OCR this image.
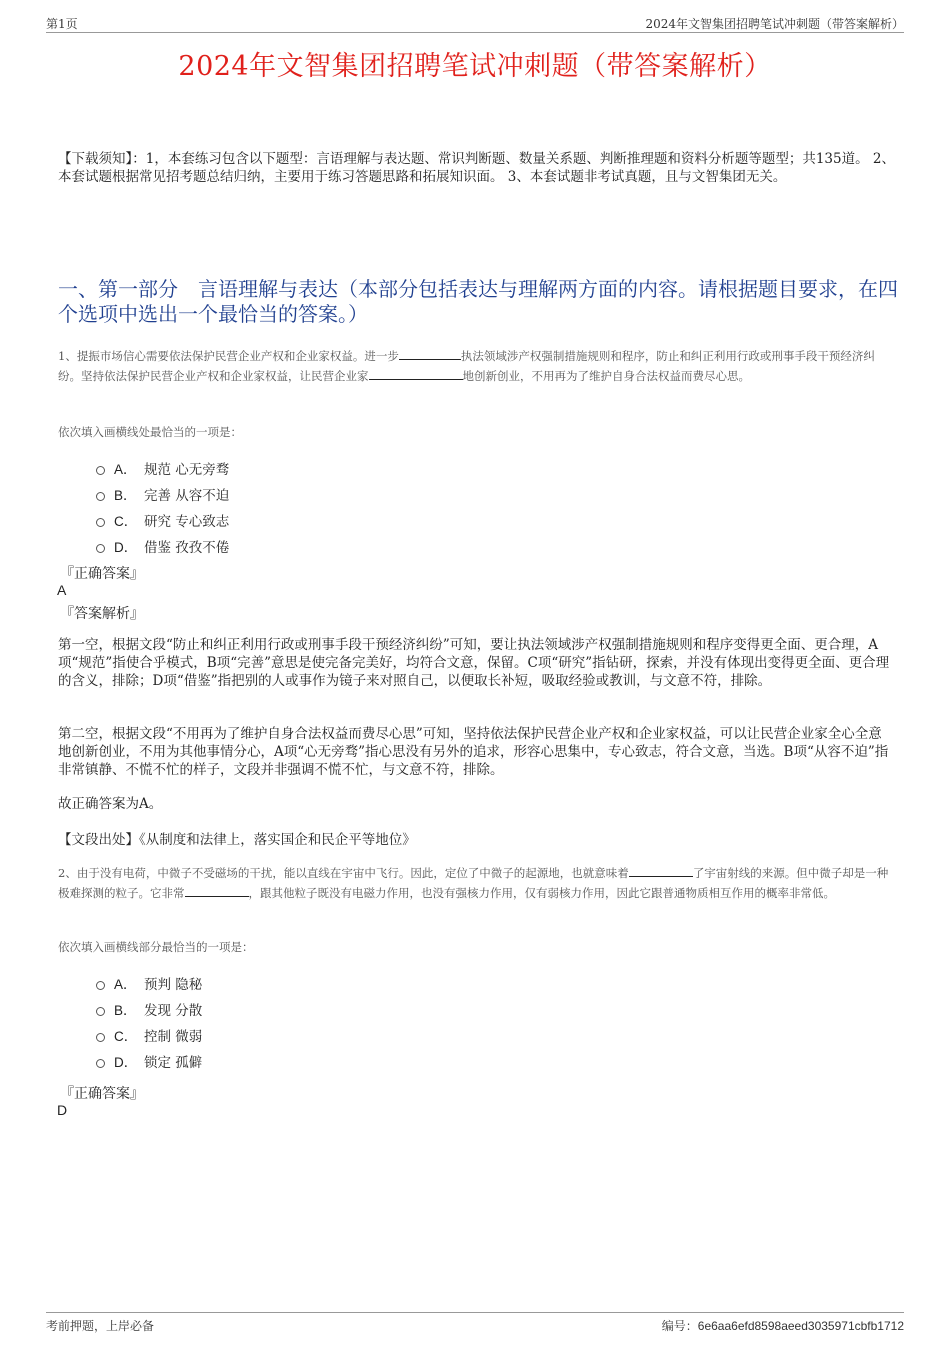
第1页	2024年文智集团招聘笔试冲刺题（带答案解析）
2024年文智集团招聘笔试冲刺题（带答案解析）
【下载须知】：1，本套练习包含以下题型：言语理解与表达题、常识判断题、数量关系题、判断推理题和资料分析题等题型；共135道。 2、本套试题根据常见招考题总结归纳，主要用于练习答题思路和拓展知识面。 3、本套试题非考试真题，且与文智集团无关。
一、第一部分　言语理解与表达（本部分包括表达与理解两方面的内容。请根据题目要求，在四个选项中选出一个最恰当的答案。）
1、提振市场信心需要依法保护民营企业产权和企业家权益。进一步	执法领域涉产权强制措施规则和程序，防止和纠正利用行政或刑事手段干预经济纠纷。坚持依法保护民营企业产权和企业家权益，让民营企业家	地创新创业，不用再为了维护自身合法权益而费尽心思。
依次填入画横线处最恰当的一项是：
A． 规范 心无旁骛
B． 完善 从容不迫
C． 研究 专心致志
D． 借鉴 孜孜不倦
『正确答案』
A
『答案解析』
第一空，根据文段“防止和纠正利用行政或刑事手段干预经济纠纷”可知，要让执法领域涉产权强制措施规则和程序变得更全面、更合理，A项“规范”指使合乎模式，B项“完善”意思是使完备完美好，均符合文意，保留。C项“研究”指钻研，探索，并没有体现出变得更全面、更合理的含义，排除；D项“借鉴”指把别的人或事作为镜子来对照自己，以便取长补短，吸取经验或教训，与文意不符，排除。
第二空，根据文段“不用再为了维护自身合法权益而费尽心思”可知，坚持依法保护民营企业产权和企业家权益，可以让民营企业家全心全意地创新创业，不用为其他事情分心，A项“心无旁骛”指心思没有另外的追求，形容心思集中，专心致志，符合文意，当选。B项“从容不迫”指非常镇静、不慌不忙的样子，文段并非强调不慌不忙，与文意不符，排除。
故正确答案为A。
【文段出处】《从制度和法律上，落实国企和民企平等地位》
2、由于没有电荷，中微子不受磁场的干扰，能以直线在宇宙中飞行。因此，定位了中微子的起源地，也就意味着	了宇宙射线的来源。但中微子却是一种极难探测的粒子。它非常	，跟其他粒子既没有电磁力作用，也没有强核力作用，仅有弱核力作用，因此它跟普通物质相互作用的概率非常低。
依次填入画横线部分最恰当的一项是：
A． 预判 隐秘
B． 发现 分散
C． 控制 微弱
D． 锁定 孤僻
『正确答案』
D
考前押题，上岸必备	编号：6e6aa6efd8598aeed3035971cbfb1712
